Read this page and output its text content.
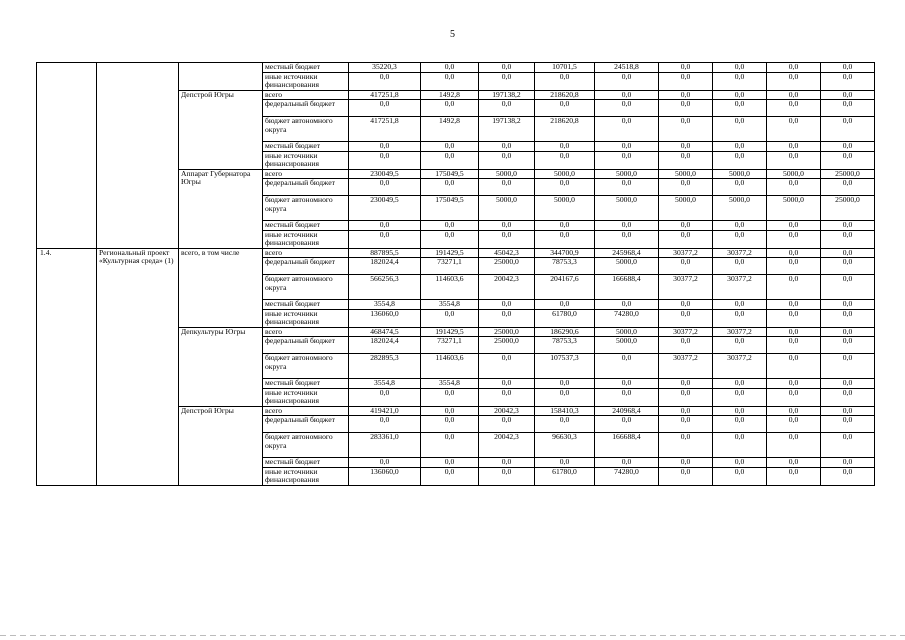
5
			местный бюджет	35220,3	0,0	0,0	10701,5	24518,8	0,0	0,0	0,0	0,0
			иные источники финансирования	0,0	0,0	0,0	0,0	0,0	0,0	0,0	0,0	0,0
		Депстрой Югры	всего	417251,8	1492,8	197138,2	218620,8	0,0	0,0	0,0	0,0	0,0
			федеральный бюджет	0,0	0,0	0,0	0,0	0,0	0,0	0,0	0,0	0,0
			бюджет автономного округа	417251,8	1492,8	197138,2	218620,8	0,0	0,0	0,0	0,0	0,0
			местный бюджет	0,0	0,0	0,0	0,0	0,0	0,0	0,0	0,0	0,0
			иные источники финансирования	0,0	0,0	0,0	0,0	0,0	0,0	0,0	0,0	0,0
		Аппарат Губернатора Югры	всего	230049,5	175049,5	5000,0	5000,0	5000,0	5000,0	5000,0	5000,0	25000,0
			федеральный бюджет	0,0	0,0	0,0	0,0	0,0	0,0	0,0	0,0	0,0
			бюджет автономного округа	230049,5	175049,5	5000,0	5000,0	5000,0	5000,0	5000,0	5000,0	25000,0
			местный бюджет	0,0	0,0	0,0	0,0	0,0	0,0	0,0	0,0	0,0
			иные источники финансирования	0,0	0,0	0,0	0,0	0,0	0,0	0,0	0,0	0,0
1.4.	Региональный проект «Культурная среда» (1)	всего, в том числе	всего	887895,5	191429,5	45042,3	344700,9	245968,4	30377,2	30377,2	0,0	0,0
			федеральный бюджет	182024,4	73271,1	25000,0	78753,3	5000,0	0,0	0,0	0,0	0,0
			бюджет автономного округа	566256,3	114603,6	20042,3	204167,6	166688,4	30377,2	30377,2	0,0	0,0
			местный бюджет	3554,8	3554,8	0,0	0,0	0,0	0,0	0,0	0,0	0,0
			иные источники финансирования	136060,0	0,0	0,0	61780,0	74280,0	0,0	0,0	0,0	0,0
		Депкультуры Югры	всего	468474,5	191429,5	25000,0	186290,6	5000,0	30377,2	30377,2	0,0	0,0
			федеральный бюджет	182024,4	73271,1	25000,0	78753,3	5000,0	0,0	0,0	0,0	0,0
			бюджет автономного округа	282895,3	114603,6	0,0	107537,3	0,0	30377,2	30377,2	0,0	0,0
			местный бюджет	3554,8	3554,8	0,0	0,0	0,0	0,0	0,0	0,0	0,0
			иные источники финансирования	0,0	0,0	0,0	0,0	0,0	0,0	0,0	0,0	0,0
		Депстрой Югры	всего	419421,0	0,0	20042,3	158410,3	240968,4	0,0	0,0	0,0	0,0
			федеральный бюджет	0,0	0,0	0,0	0,0	0,0	0,0	0,0	0,0	0,0
			бюджет автономного округа	283361,0	0,0	20042,3	96630,3	166688,4	0,0	0,0	0,0	0,0
			местный бюджет	0,0	0,0	0,0	0,0	0,0	0,0	0,0	0,0	0,0
			иные источники финансирования	136060,0	0,0	0,0	61780,0	74280,0	0,0	0,0	0,0	0,0
